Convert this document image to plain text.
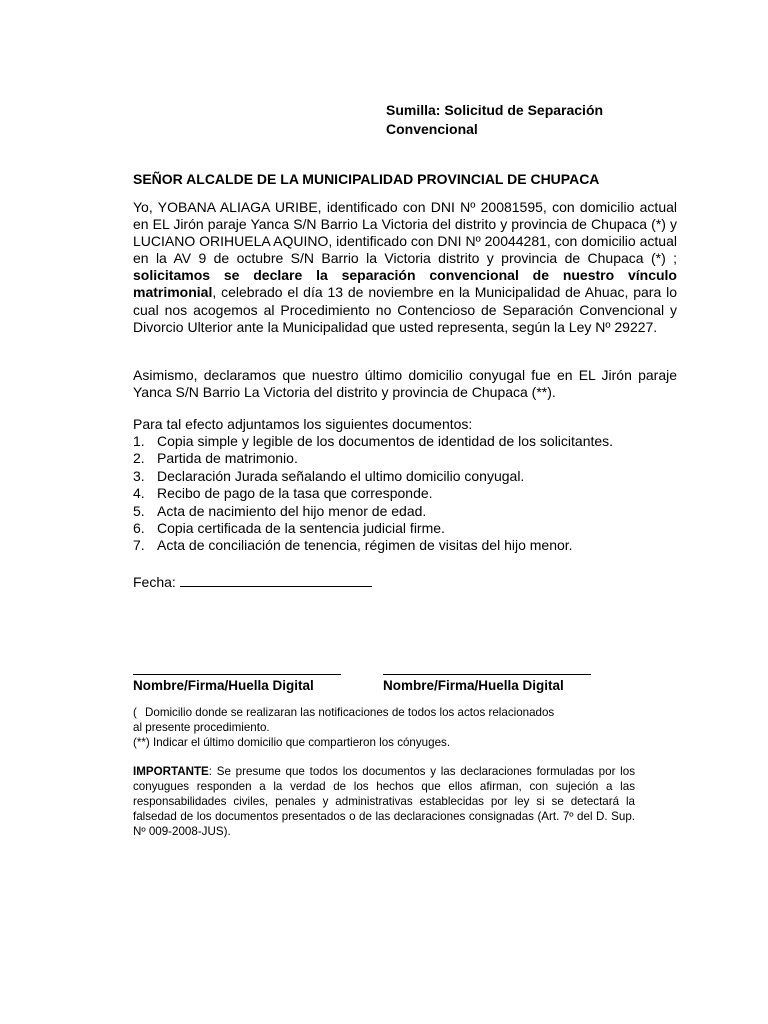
Sumilla: Solicitud de Separación
Convencional
SEÑOR ALCALDE DE LA MUNICIPALIDAD PROVINCIAL DE CHUPACA
Yo, YOBANA ALIAGA URIBE, identificado con DNI Nº 20081595, con domicilio actual en EL Jirón paraje Yanca S/N Barrio La Victoria del distrito y provincia de Chupaca (*) y LUCIANO ORIHUELA AQUINO, identificado con DNI Nº 20044281, con domicilio actual en la AV 9 de octubre S/N Barrio la Victoria distrito y provincia de Chupaca (*) ; solicitamos se declare la separación convencional de nuestro vínculo matrimonial, celebrado el día 13 de noviembre en la Municipalidad de Ahuac, para lo cual nos acogemos al Procedimiento no Contencioso de Separación Convencional y Divorcio Ulterior ante la Municipalidad que usted representa, según la Ley Nº 29227.
Asimismo, declaramos que nuestro último domicilio conyugal fue en EL Jirón paraje Yanca S/N Barrio La Victoria del distrito y provincia de Chupaca (**).
Para tal efecto adjuntamos los siguientes documentos:
1. Copia simple y legible de los documentos de identidad de los solicitantes.
2. Partida de matrimonio.
3. Declaración Jurada señalando el ultimo domicilio conyugal.
4. Recibo de pago de la tasa que corresponde.
5. Acta de nacimiento del hijo menor de edad.
6. Copia certificada de la sentencia judicial firme.
7. Acta de conciliación de tenencia, régimen de visitas del hijo menor.
Fecha:
Nombre/Firma/Huella Digital	Nombre/Firma/Huella Digital
( Domicilio donde se realizaran las notificaciones de todos los actos relacionados
al presente procedimiento.
(**) Indicar el último domicilio que compartieron los cónyuges.
IMPORTANTE: Se presume que todos los documentos y las declaraciones formuladas por los conyugues responden a la verdad de los hechos que ellos afirman, con sujeción a las responsabilidades civiles, penales y administrativas establecidas por ley si se detectará la falsedad de los documentos presentados o de las declaraciones consignadas (Art. 7º del D. Sup. Nº 009-2008-JUS).
